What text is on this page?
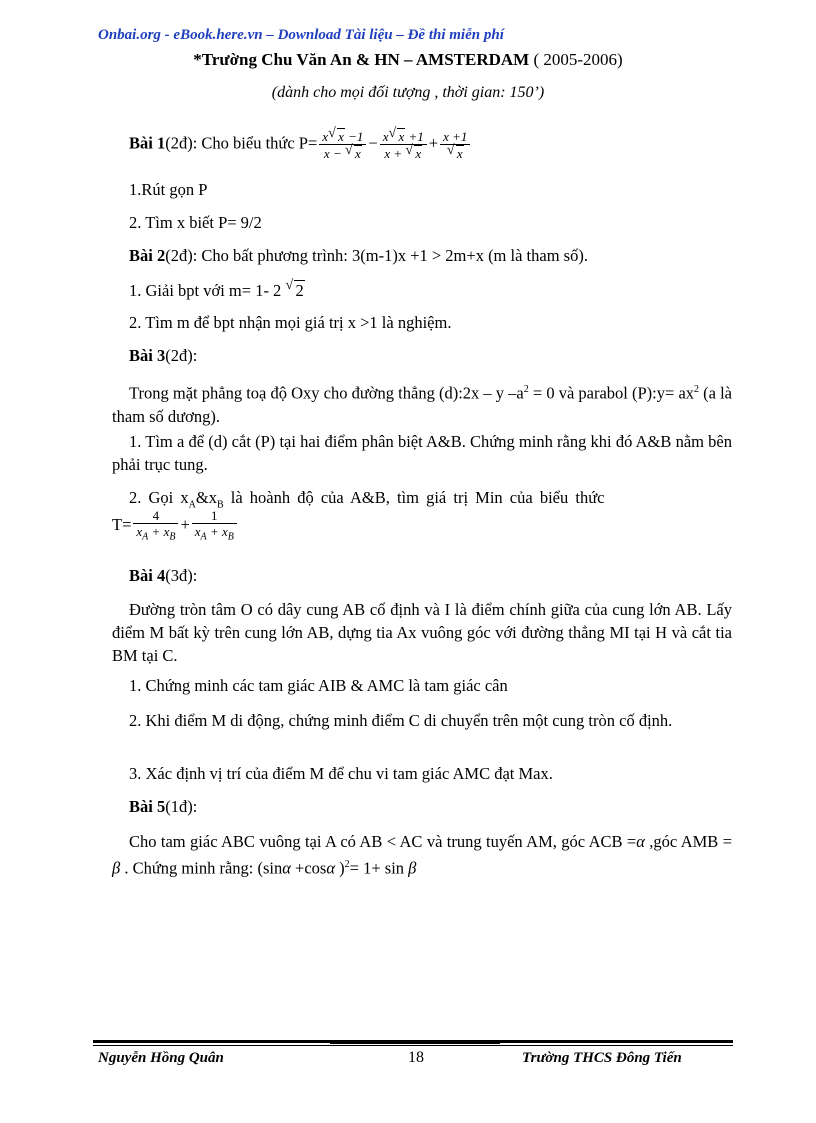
Onbai.org - eBook.here.vn – Download Tài liệu – Đề thi miễn phí
*Trường Chu Văn An & HN – AMSTERDAM ( 2005-2006)
(dành cho mọi đối tượng , thời gian: 150’)
Bài 1(2đ): Cho biểu thức $P= \frac{x √ x -1}{x - √ x} - \frac{x √ x +1}{x + √ x} + x +1$
√ x
1.Rút gọn P
2. Tìm x biết P= 9/2
Bài 2(2đ): Cho bất phương trình: 3(m-1)x +1 > 2m+x (m là tham số).
1. Giải bpt với m= 1- 2 √ 2
2. Tìm m để bpt nhận mọi giá trị x >1 là nghiệm.
Bài 3(2đ):
Trong mặt phẳng toạ độ Oxy cho đường thẳng (d):2x – y $-a^2 = 0$ và parabol (P):y= $ax^2$ (a là tham số dương).
1. Tìm a để (d) cắt (P) tại hai điểm phân biệt A&B. Chứng minh rằng khi đó A&B nằm bên phải trục tung.
2. Gọi $x_A\&x_B$ là hoành độ của A&B, tìm giá trị Min của biểu thức
$T= \frac{4}{x_A + x_B} + \frac{1}{x_A + x_B}$
Bài 4(3đ):
Đường tròn tâm O có dây cung AB cố định và I là điểm chính giữa của cung lớn AB. Lấy điểm M bất kỳ trên cung lớn AB, dựng tia Ax vuông góc với đường thẳng MI tại H và cắt tia BM tại C.
1. Chứng minh các tam giác AIB & AMC là tam giác cân
2. Khi điểm M di động, chứng minh điểm C di chuyển trên một cung tròn cố định.
3. Xác định vị trí của điểm M để chu vi tam giác AMC đạt Max.
Bài 5(1đ):
Cho tam giác ABC vuông tại A có AB < AC và trung tuyến AM, góc ACB =α ,góc AMB = β . Chứng minh rằng: (sinα +cosα )$^2$= 1+ sin β
Nguyễn Hồng Quân	18	Trường THCS Đông Tiến
